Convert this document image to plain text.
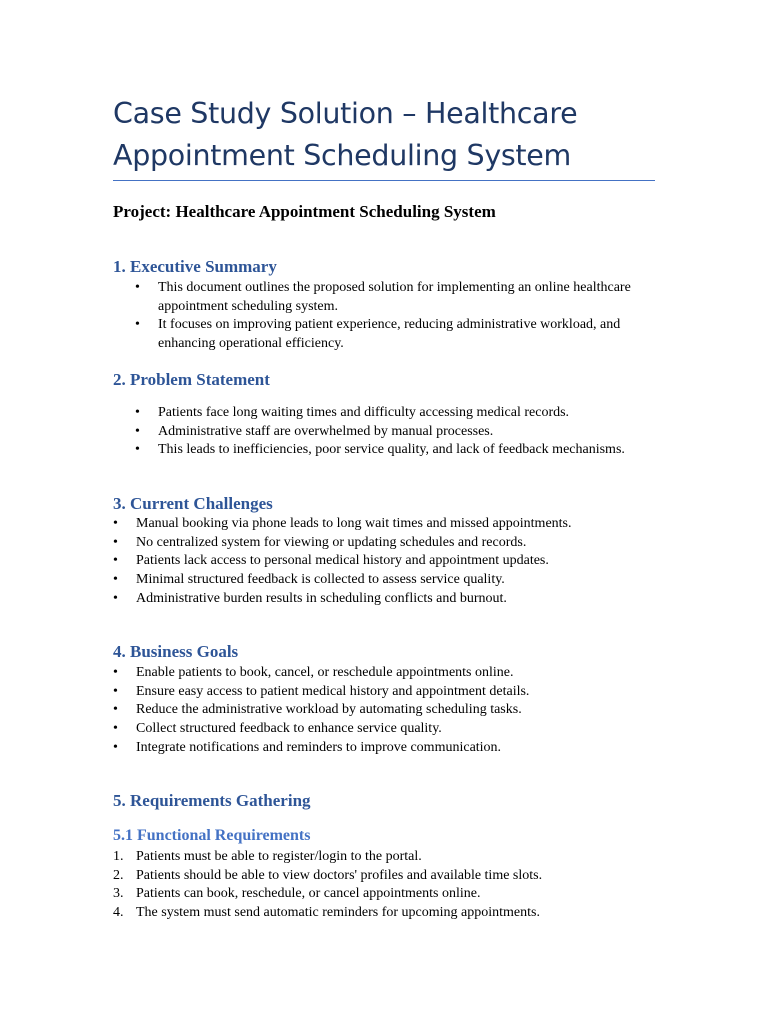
Case Study Solution – Healthcare
Appointment Scheduling System

Project: Healthcare Appointment Scheduling System

1. Executive Summary
• This document outlines the proposed solution for implementing an online healthcare appointment scheduling system.
• It focuses on improving patient experience, reducing administrative workload, and enhancing operational efficiency.
2. Problem Statement
• Patients face long waiting times and difficulty accessing medical records.
• Administrative staff are overwhelmed by manual processes.
• This leads to inefficiencies, poor service quality, and lack of feedback mechanisms.
3. Current Challenges
• Manual booking via phone leads to long wait times and missed appointments.
• No centralized system for viewing or updating schedules and records.
• Patients lack access to personal medical history and appointment updates.
• Minimal structured feedback is collected to assess service quality.
• Administrative burden results in scheduling conflicts and burnout.
4. Business Goals
• Enable patients to book, cancel, or reschedule appointments online.
• Ensure easy access to patient medical history and appointment details.
• Reduce the administrative workload by automating scheduling tasks.
• Collect structured feedback to enhance service quality.
• Integrate notifications and reminders to improve communication.
5. Requirements Gathering
5.1 Functional Requirements
1. Patients must be able to register/login to the portal.
2. Patients should be able to view doctors' profiles and available time slots.
3. Patients can book, reschedule, or cancel appointments online.
4. The system must send automatic reminders for upcoming appointments.
